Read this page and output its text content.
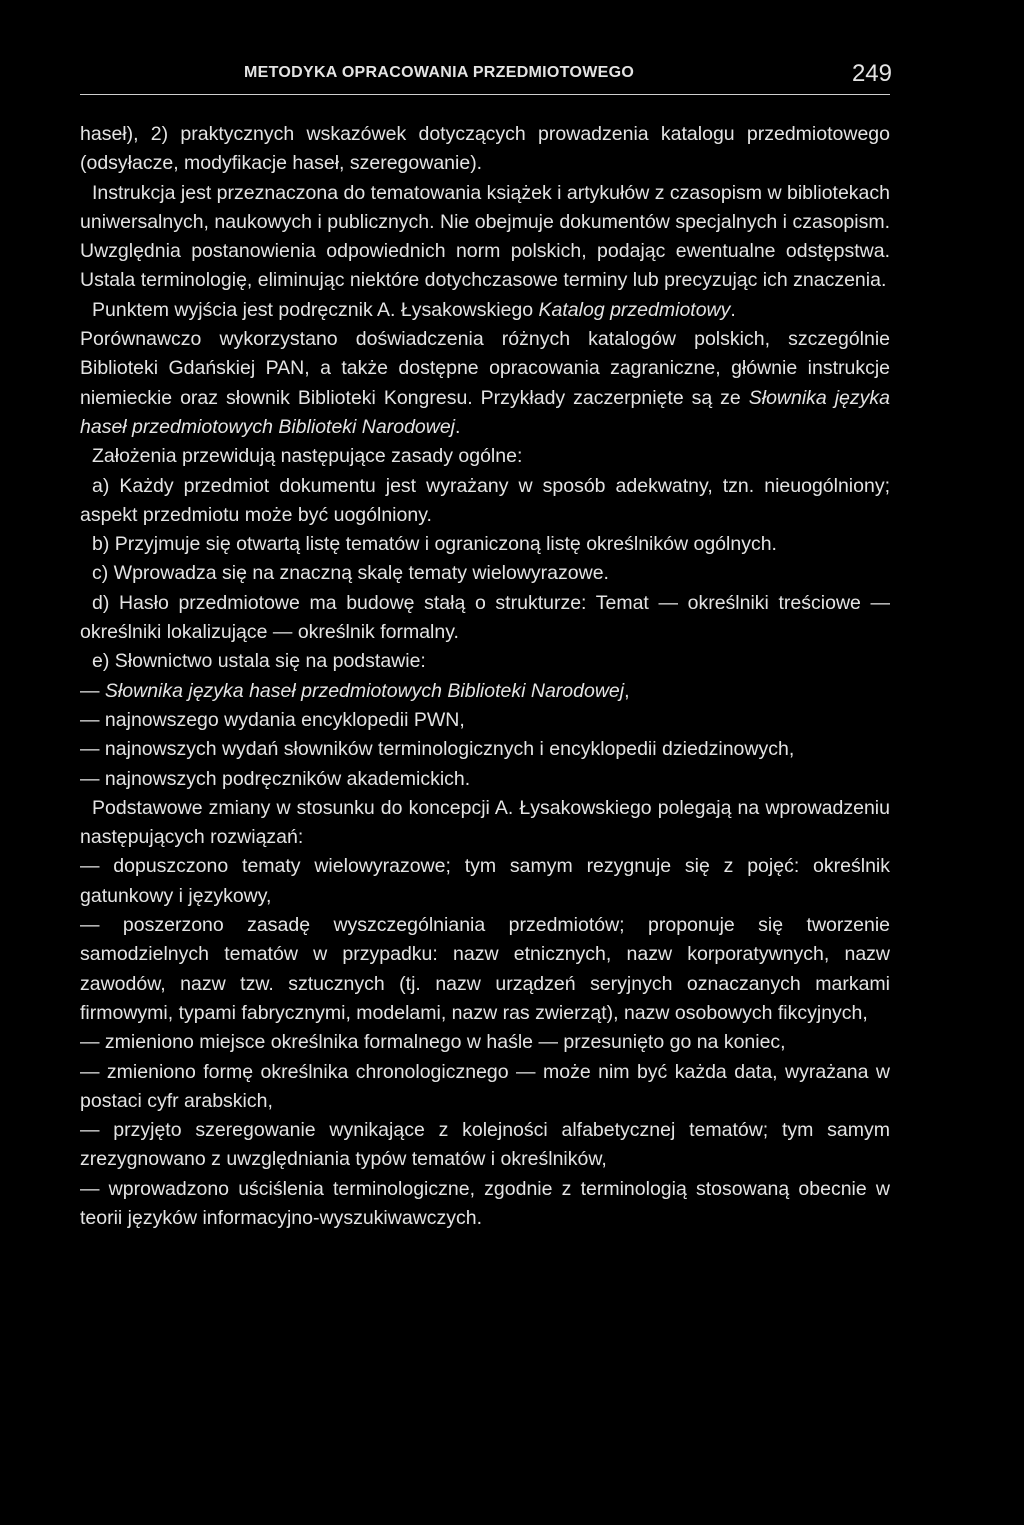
METODYKA OPRACOWANIA PRZEDMIOTOWEGO	249

haseł), 2) praktycznych wskazówek dotyczących prowadzenia katalogu przedmiotowego (odsyłacze, modyfikacje haseł, szeregowanie).

Instrukcja jest przeznaczona do tematowania książek i artykułów z czasopism w bibliotekach uniwersalnych, naukowych i publicznych. Nie obejmuje dokumentów specjalnych i czasopism. Uwzględnia postanowienia odpowiednich norm polskich, podając ewentualne odstępstwa. Ustala terminologię, eliminując niektóre dotychczasowe terminy lub precyzując ich znaczenia.

Punktem wyjścia jest podręcznik A. Łysakowskiego Katalog przedmiotowy.

Porównawczo wykorzystano doświadczenia różnych katalogów polskich, szczególnie Biblioteki Gdańskiej PAN, a także dostępne opracowania zagraniczne, głównie instrukcje niemieckie oraz słownik Biblioteki Kongresu. Przykłady zaczerpnięte są ze Słownika języka haseł przedmiotowych Biblioteki Narodowej.

Założenia przewidują następujące zasady ogólne:

a) Każdy przedmiot dokumentu jest wyrażany w sposób adekwatny, tzn. nieuogólniony; aspekt przedmiotu może być uogólniony.

b) Przyjmuje się otwartą listę tematów i ograniczoną listę określników ogólnych.

c) Wprowadza się na znaczną skalę tematy wielowyrazowe.

d) Hasło przedmiotowe ma budowę stałą o strukturze: Temat — określniki treściowe — określniki lokalizujące — określnik formalny.

e) Słownictwo ustala się na podstawie:

— Słownika języka haseł przedmiotowych Biblioteki Narodowej,

— najnowszego wydania encyklopedii PWN,

— najnowszych wydań słowników terminologicznych i encyklopedii dziedzinowych,

— najnowszych podręczników akademickich.

Podstawowe zmiany w stosunku do koncepcji A. Łysakowskiego polegają na wprowadzeniu następujących rozwiązań:

— dopuszczono tematy wielowyrazowe; tym samym rezygnuje się z pojęć: określnik gatunkowy i językowy,

— poszerzono zasadę wyszczególniania przedmiotów; proponuje się tworzenie samodzielnych tematów w przypadku: nazw etnicznych, nazw korporatywnych, nazw zawodów, nazw tzw. sztucznych (tj. nazw urządzeń seryjnych oznaczanych markami firmowymi, typami fabrycznymi, modelami, nazw ras zwierząt), nazw osobowych fikcyjnych,

— zmieniono miejsce określnika formalnego w haśle — przesunięto go na koniec,

— zmieniono formę określnika chronologicznego — może nim być każda data, wyrażana w postaci cyfr arabskich,

— przyjęto szeregowanie wynikające z kolejności alfabetycznej tematów; tym samym zrezygnowano z uwzględniania typów tematów i określników,

— wprowadzono uściślenia terminologiczne, zgodnie z terminologią stosowaną obecnie w teorii języków informacyjno-wyszukiwawczych.
